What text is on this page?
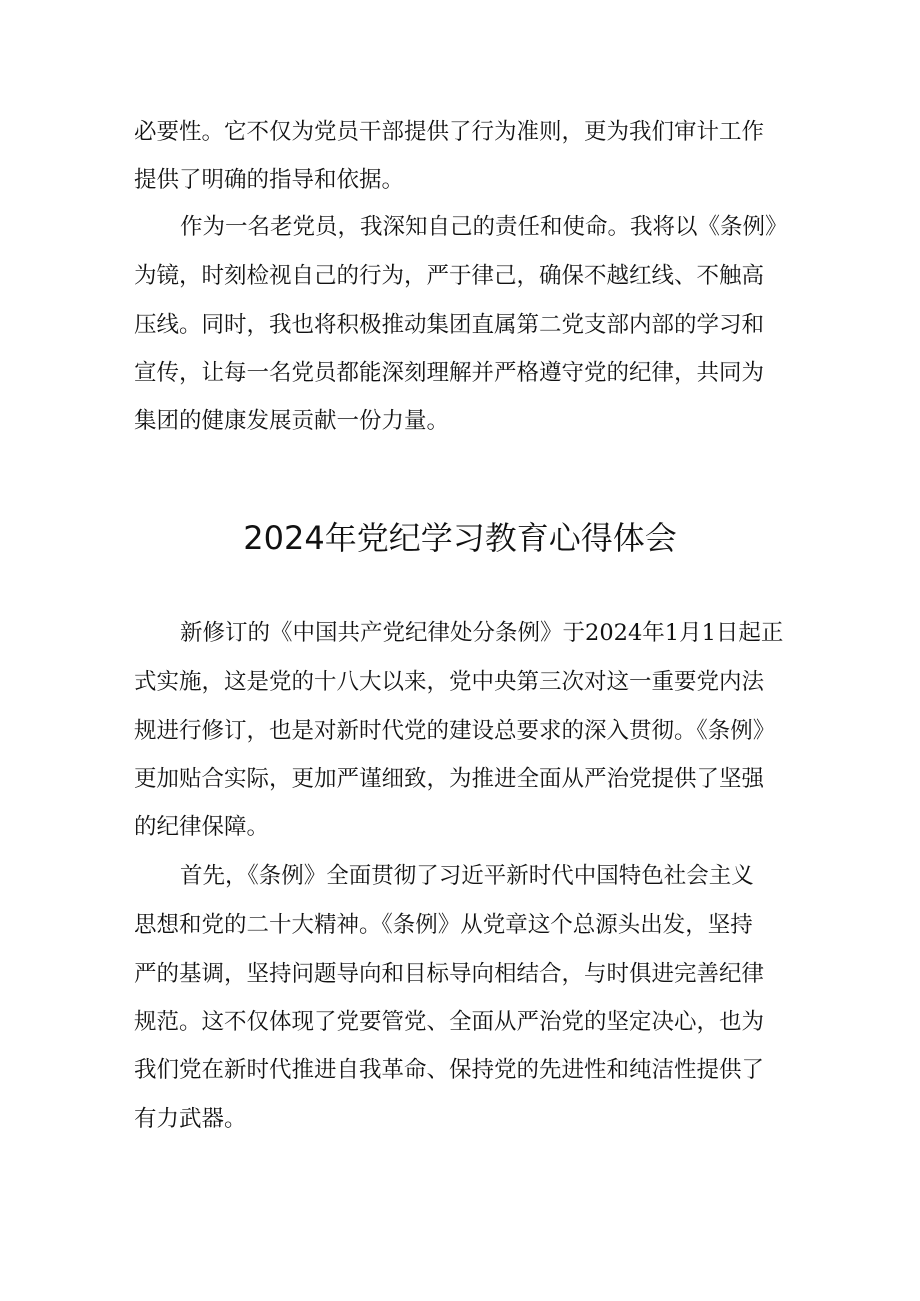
必要性。它不仅为党员干部提供了行为准则，更为我们审计工作
提供了明确的指导和依据。
作为一名老党员，我深知自己的责任和使命。我将以《条例》
为镜，时刻检视自己的行为，严于律己，确保不越红线、不触高
压线。同时，我也将积极推动集团直属第二党支部内部的学习和
宣传，让每一名党员都能深刻理解并严格遵守党的纪律，共同为
集团的健康发展贡献一份力量。
2024年党纪学习教育心得体会
新修订的《中国共产党纪律处分条例》于2024年1月1日起正
式实施，这是党的十八大以来，党中央第三次对这一重要党内法
规进行修订，也是对新时代党的建设总要求的深入贯彻。《条例》
更加贴合实际，更加严谨细致，为推进全面从严治党提供了坚强
的纪律保障。
首先，《条例》全面贯彻了习近平新时代中国特色社会主义
思想和党的二十大精神。《条例》从党章这个总源头出发，坚持
严的基调，坚持问题导向和目标导向相结合，与时俱进完善纪律
规范。这不仅体现了党要管党、全面从严治党的坚定决心，也为
我们党在新时代推进自我革命、保持党的先进性和纯洁性提供了
有力武器。
